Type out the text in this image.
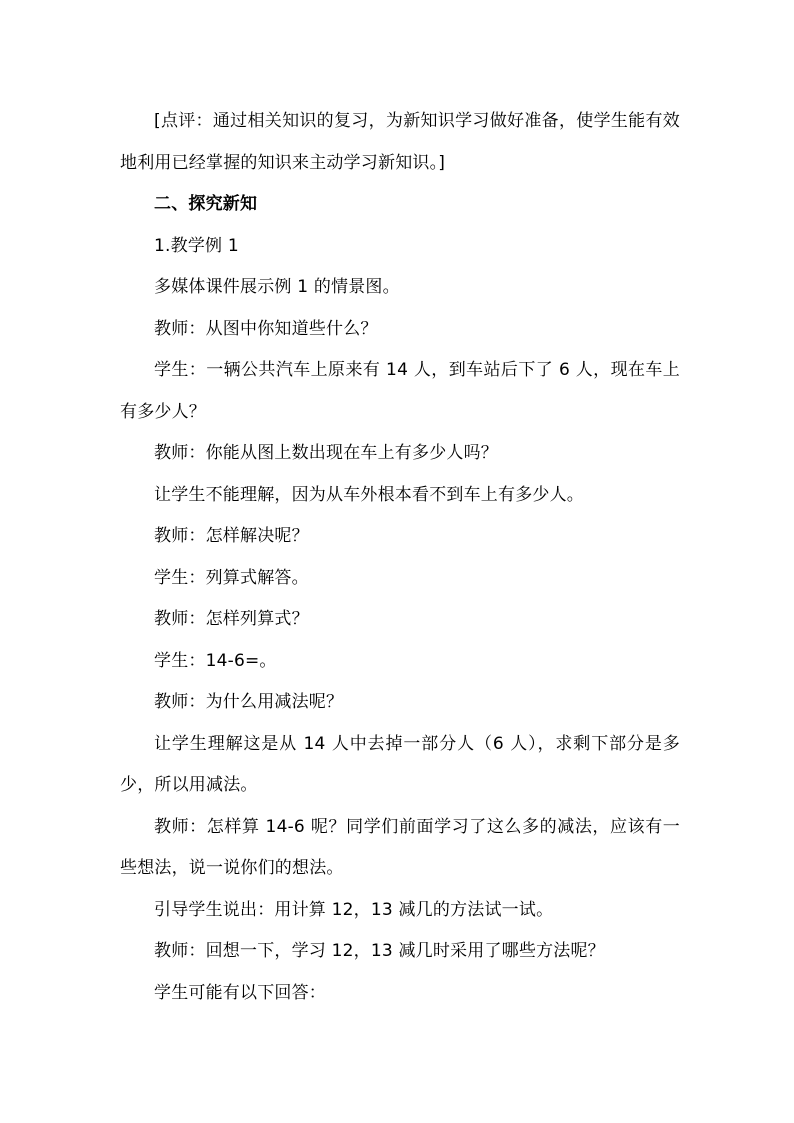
[点评：通过相关知识的复习，为新知识学习做好准备，使学生能有效地利用已经掌握的知识来主动学习新知识。]

二、探究新知

1.教学例 1

多媒体课件展示例 1 的情景图。

教师：从图中你知道些什么？

学生：一辆公共汽车上原来有 14 人，到车站后下了 6 人，现在车上有多少人？

教师：你能从图上数出现在车上有多少人吗？

让学生不能理解，因为从车外根本看不到车上有多少人。

教师：怎样解决呢？

学生：列算式解答。

教师：怎样列算式？

学生：14-6=。

教师：为什么用减法呢？

让学生理解这是从 14 人中去掉一部分人（6 人），求剩下部分是多少，所以用减法。

教师：怎样算 14-6 呢？同学们前面学习了这么多的减法，应该有一些想法，说一说你们的想法。

引导学生说出：用计算 12，13 减几的方法试一试。

教师：回想一下，学习 12，13 减几时采用了哪些方法呢？

学生可能有以下回答：
